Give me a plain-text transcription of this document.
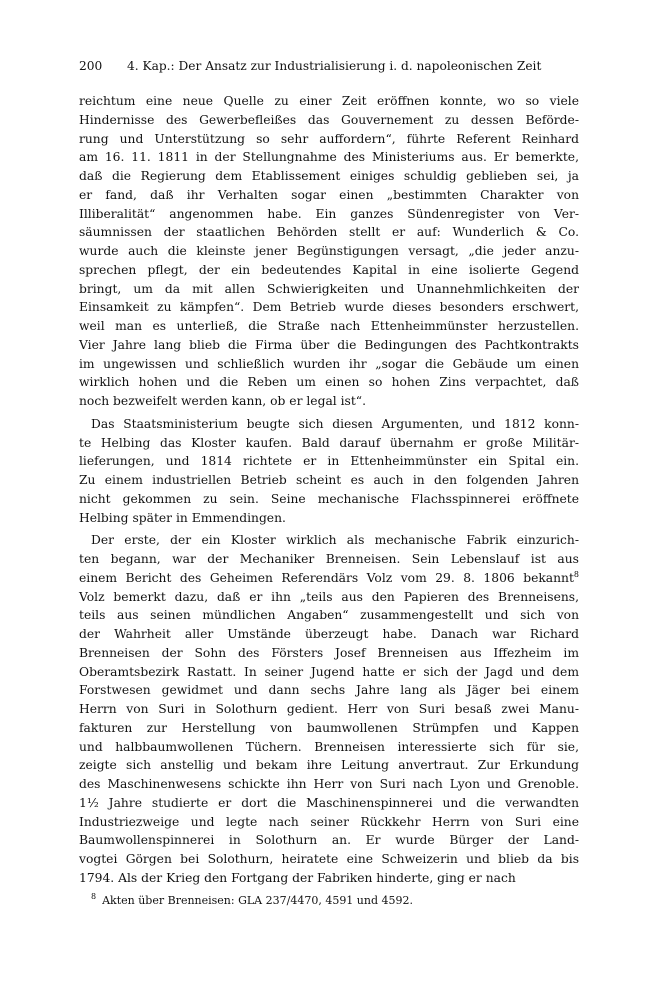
200 4. Kap.: Der Ansatz zur Industrialisierung i. d. napoleonischen Zeit
reichtum eine neue Quelle zu einer Zeit eröffnen konnte, wo so viele
Hindernisse des Gewerbefleißes das Gouvernement zu dessen Beförde-
rung und Unterstützung so sehr auffordern“, führte Referent Reinhard
am 16. 11. 1811 in der Stellungnahme des Ministeriums aus. Er bemerkte,
daß die Regierung dem Etablissement einiges schuldig geblieben sei, ja
er fand, daß ihr Verhalten sogar einen „bestimmten Charakter von
Illiberalität“ angenommen habe. Ein ganzes Sündenregister von Ver-
säumnissen der staatlichen Behörden stellt er auf: Wunderlich & Co.
wurde auch die kleinste jener Begünstigungen versagt, „die jeder anzu-
sprechen pflegt, der ein bedeutendes Kapital in eine isolierte Gegend
bringt, um da mit allen Schwierigkeiten und Unannehmlichkeiten der
Einsamkeit zu kämpfen“. Dem Betrieb wurde dieses besonders erschwert,
weil man es unterließ, die Straße nach Ettenheimmünster herzustellen.
Vier Jahre lang blieb die Firma über die Bedingungen des Pachtkontrakts
im ungewissen und schließlich wurden ihr „sogar die Gebäude um einen
wirklich hohen und die Reben um einen so hohen Zins verpachtet, daß
noch bezweifelt werden kann, ob er legal ist“.
Das Staatsministerium beugte sich diesen Argumenten, und 1812 konn-
te Helbing das Kloster kaufen. Bald darauf übernahm er große Militär-
lieferungen, und 1814 richtete er in Ettenheimmünster ein Spital ein.
Zu einem industriellen Betrieb scheint es auch in den folgenden Jahren
nicht gekommen zu sein. Seine mechanische Flachsspinnerei eröffnete
Helbing später in Emmendingen.
Der erste, der ein Kloster wirklich als mechanische Fabrik einzurich-
ten begann, war der Mechaniker Brenneisen. Sein Lebenslauf ist aus
einem Bericht des Geheimen Referendärs Volz vom 29. 8. 1806 bekannt$^8$
Volz bemerkt dazu, daß er ihn „teils aus den Papieren des Brenneisens,
teils aus seinen mündlichen Angaben“ zusammengestellt und sich von
der Wahrheit aller Umstände überzeugt habe. Danach war Richard
Brenneisen der Sohn des Försters Josef Brenneisen aus Iffezheim im
Oberamtsbezirk Rastatt. In seiner Jugend hatte er sich der Jagd und dem
Forstwesen gewidmet und dann sechs Jahre lang als Jäger bei einem
Herrn von Suri in Solothurn gedient. Herr von Suri besaß zwei Manu-
fakturen zur Herstellung von baumwollenen Strümpfen und Kappen
und halbbaumwollenen Tüchern. Brenneisen interessierte sich für sie,
zeigte sich anstellig und bekam ihre Leitung anvertraut. Zur Erkundung
des Maschinenwesens schickte ihn Herr von Suri nach Lyon und Grenoble.
1½ Jahre studierte er dort die Maschinenspinnerei und die verwandten
Industriezweige und legte nach seiner Rückkehr Herrn von Suri eine
Baumwollenspinnerei in Solothurn an. Er wurde Bürger der Land-
vogtei Görgen bei Solothurn, heiratete eine Schweizerin und blieb da bis
1794. Als der Krieg den Fortgang der Fabriken hinderte, ging er nach
$^8$ Akten über Brenneisen: GLA 237/4470, 4591 und 4592.
